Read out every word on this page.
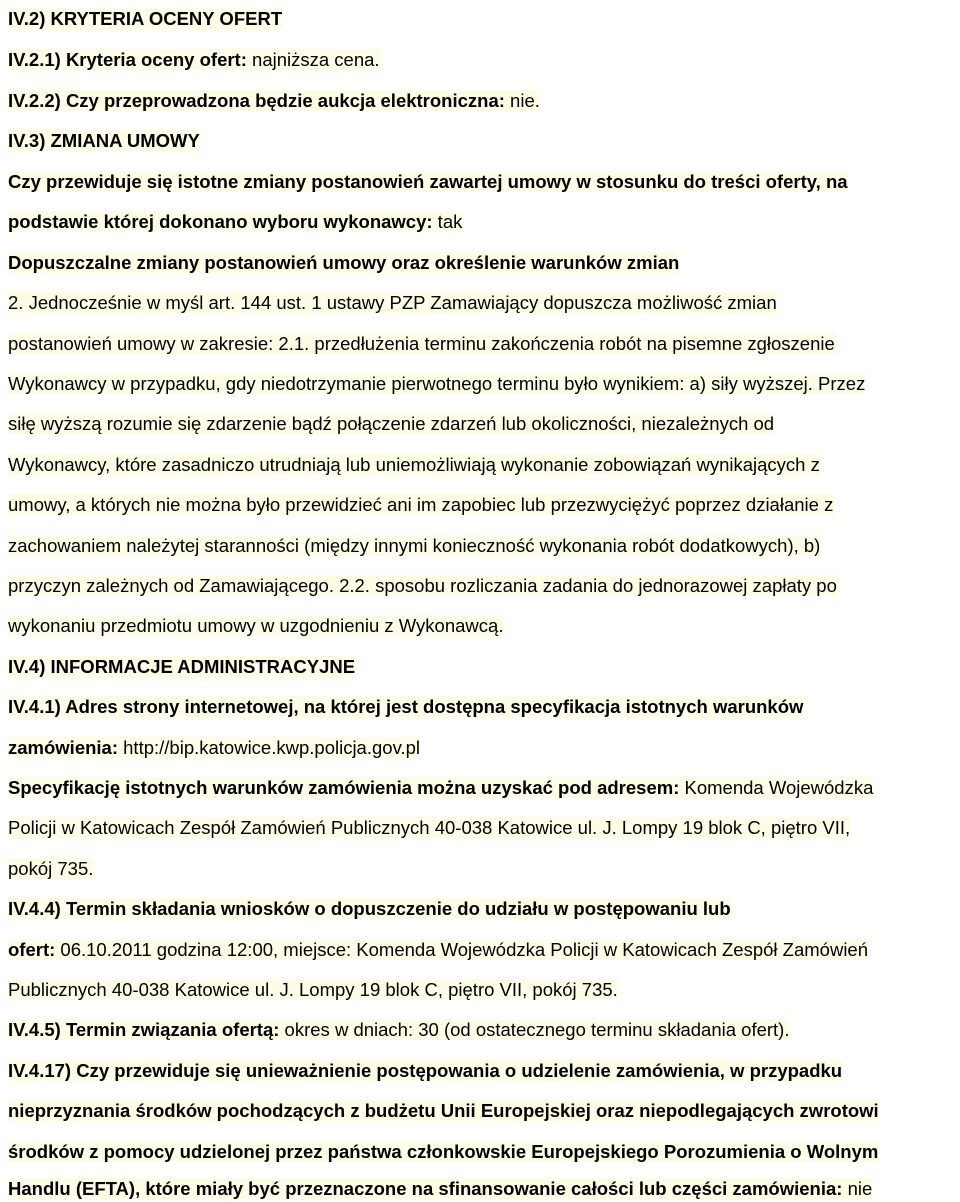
IV.2) KRYTERIA OCENY OFERT
IV.2.1) Kryteria oceny ofert: najniższa cena.
IV.2.2) Czy przeprowadzona będzie aukcja elektroniczna: nie.
IV.3) ZMIANA UMOWY
Czy przewiduje się istotne zmiany postanowień zawartej umowy w stosunku do treści oferty, na
podstawie której dokonano wyboru wykonawcy: tak
Dopuszczalne zmiany postanowień umowy oraz określenie warunków zmian
2. Jednocześnie w myśl art. 144 ust. 1 ustawy PZP Zamawiający dopuszcza możliwość zmian
postanowień umowy w zakresie: 2.1. przedłużenia terminu zakończenia robót na pisemne zgłoszenie
Wykonawcy w przypadku, gdy niedotrzymanie pierwotnego terminu było wynikiem: a) siły wyższej. Przez
siłę wyższą rozumie się zdarzenie bądź połączenie zdarzeń lub okoliczności, niezależnych od
Wykonawcy, które zasadniczo utrudniają lub uniemożliwiają wykonanie zobowiązań wynikających z
umowy, a których nie można było przewidzieć ani im zapobiec lub przezwyciężyć poprzez działanie z
zachowaniem należytej staranności (między innymi konieczność wykonania robót dodatkowych), b)
przyczyn zależnych od Zamawiającego. 2.2. sposobu rozliczania zadania do jednorazowej zapłaty po
wykonaniu przedmiotu umowy w uzgodnieniu z Wykonawcą.
IV.4) INFORMACJE ADMINISTRACYJNE
IV.4.1) Adres strony internetowej, na której jest dostępna specyfikacja istotnych warunków
zamówienia: http://bip.katowice.kwp.policja.gov.pl
Specyfikację istotnych warunków zamówienia można uzyskać pod adresem: Komenda Wojewódzka
Policji w Katowicach Zespół Zamówień Publicznych 40-038 Katowice ul. J. Lompy 19 blok C, piętro VII,
pokój 735.
IV.4.4) Termin składania wniosków o dopuszczenie do udziału w postępowaniu lub
ofert: 06.10.2011 godzina 12:00, miejsce: Komenda Wojewódzka Policji w Katowicach Zespół Zamówień
Publicznych 40-038 Katowice ul. J. Lompy 19 blok C, piętro VII, pokój 735.
IV.4.5) Termin związania ofertą: okres w dniach: 30 (od ostatecznego terminu składania ofert).
IV.4.17) Czy przewiduje się unieważnienie postępowania o udzielenie zamówienia, w przypadku
nieprzyznania środków pochodzących z budżetu Unii Europejskiej oraz niepodlegających zwrotowi
środków z pomocy udzielonej przez państwa członkowskie Europejskiego Porozumienia o Wolnym
Handlu (EFTA), które miały być przeznaczone na sfinansowanie całości lub części zamówienia: nie
